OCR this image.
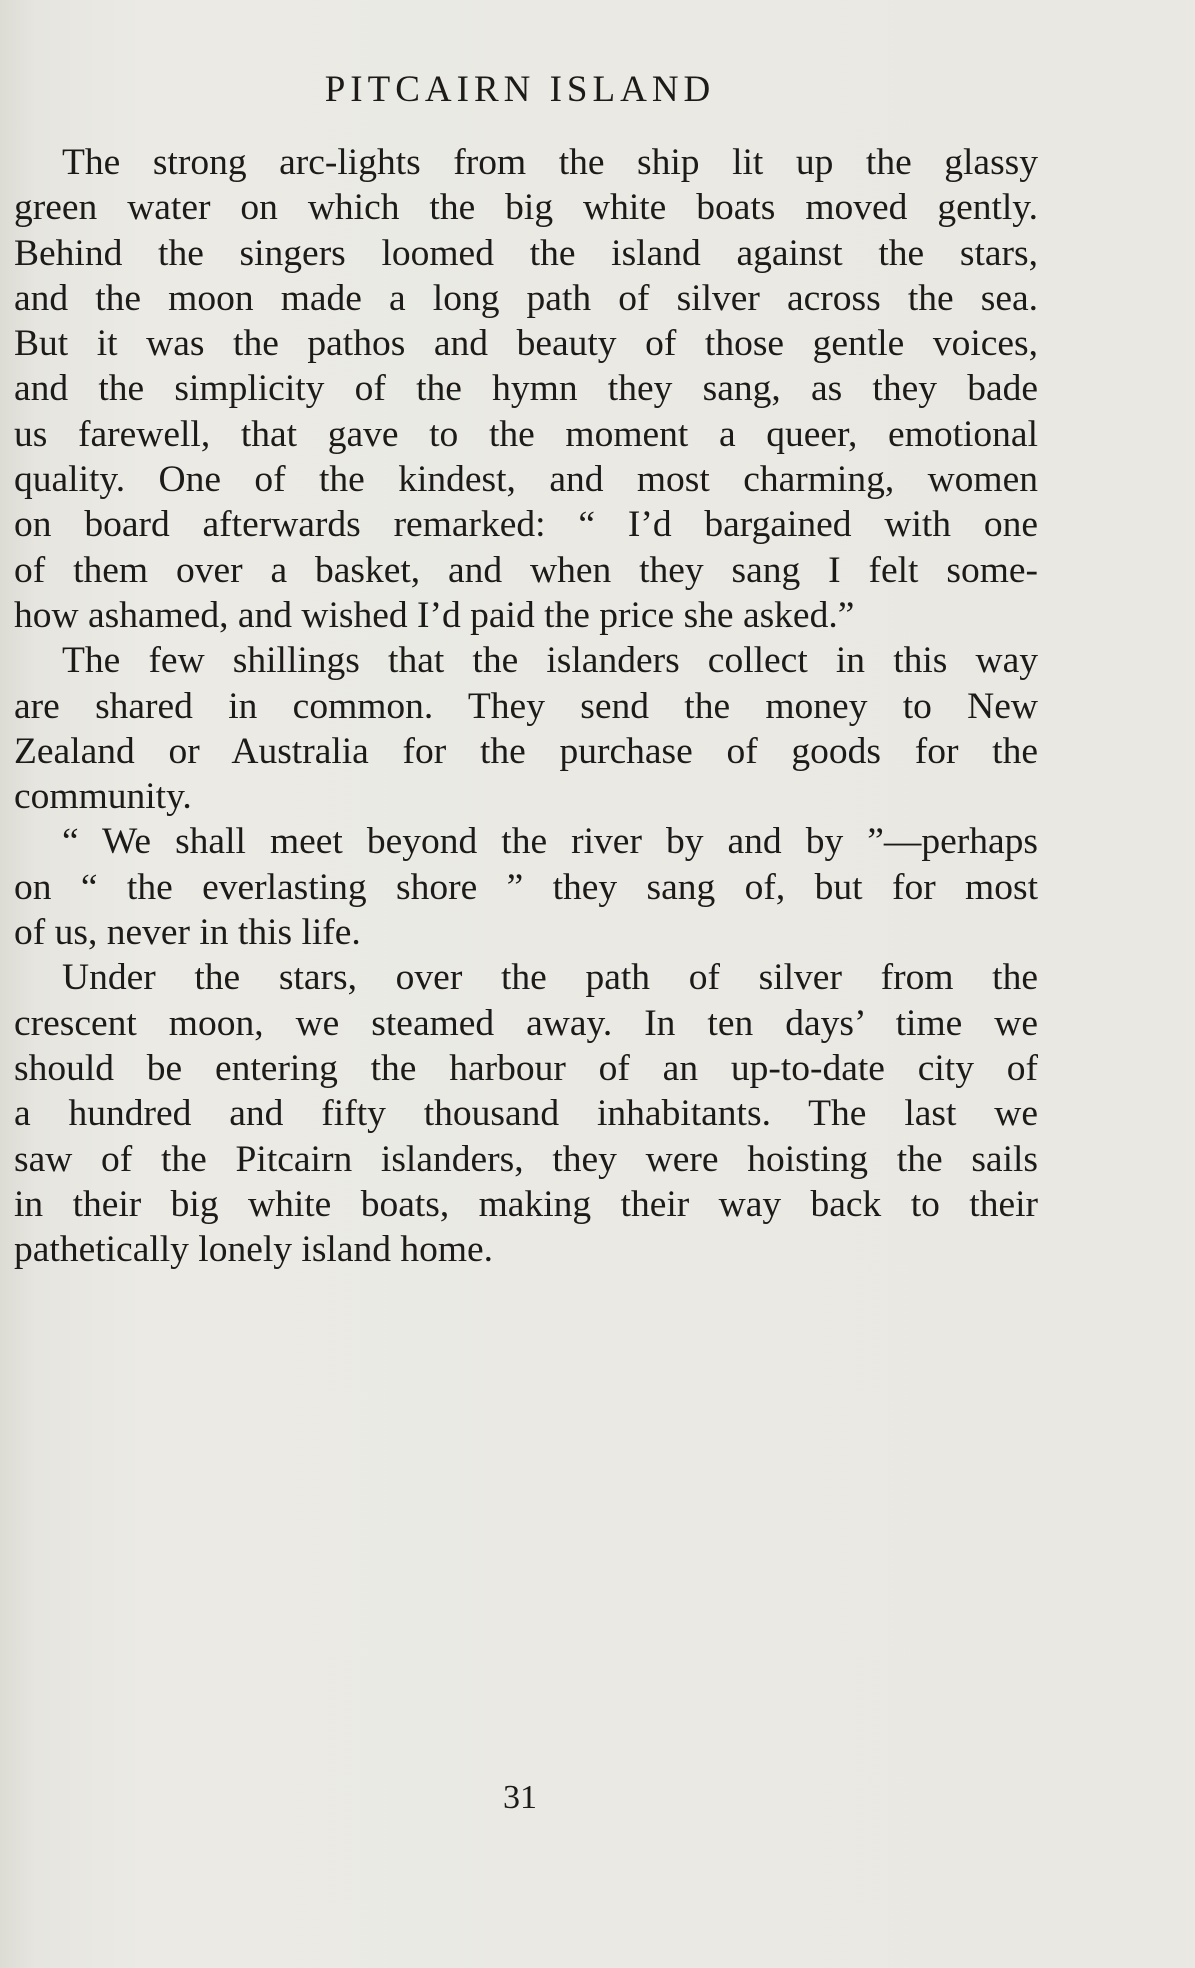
PITCAIRN ISLAND
The strong arc-lights from the ship lit up the glassy
green water on which the big white boats moved gently.
Behind the singers loomed the island against the stars,
and the moon made a long path of silver across the sea.
But it was the pathos and beauty of those gentle voices,
and the simplicity of the hymn they sang, as they bade
us farewell, that gave to the moment a queer, emotional
quality. One of the kindest, and most charming, women
on board afterwards remarked: “ I’d bargained with one
of them over a basket, and when they sang I felt some-
how ashamed, and wished I’d paid the price she asked.”
The few shillings that the islanders collect in this way
are shared in common. They send the money to New
Zealand or Australia for the purchase of goods for the
community.
“ We shall meet beyond the river by and by ”—perhaps
on “ the everlasting shore ” they sang of, but for most
of us, never in this life.
Under the stars, over the path of silver from the
crescent moon, we steamed away. In ten days’ time we
should be entering the harbour of an up-to-date city of
a hundred and fifty thousand inhabitants. The last we
saw of the Pitcairn islanders, they were hoisting the sails
in their big white boats, making their way back to their
pathetically lonely island home.
31
